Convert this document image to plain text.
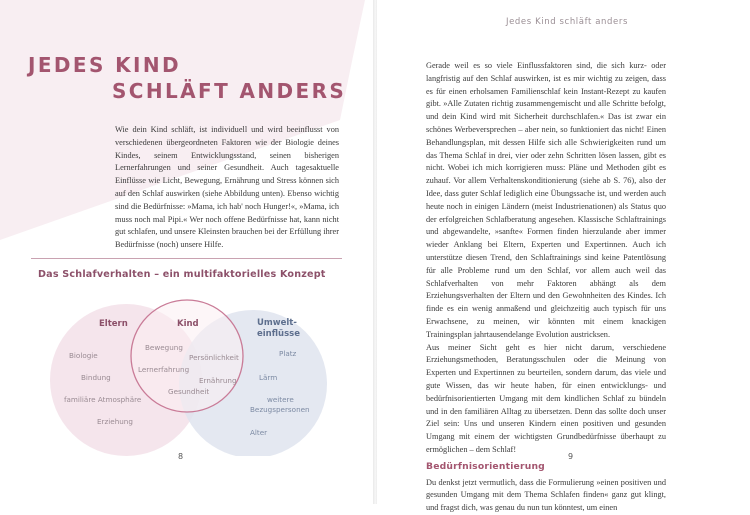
JEDES KIND
SCHLÄFT ANDERS
Wie dein Kind schläft, ist individuell und wird beeinflusst von verschiedenen übergeordneten Faktoren wie der Biologie deines Kindes, seinem Entwicklungsstand, seinen bisherigen Lernerfahrungen und seiner Gesundheit. Auch tagesaktuelle Einflüsse wie Licht, Bewegung, Ernährung und Stress können sich auf den Schlaf auswirken (siehe Abbildung unten). Ebenso wichtig sind die Bedürfnisse: »Mama, ich hab' noch Hunger!«, »Mama, ich muss noch mal Pipi.« Wer noch offene Bedürfnisse hat, kann nicht gut schlafen, und unsere Kleinsten brauchen bei der Erfüllung ihrer Bedürfnisse (noch) unsere Hilfe.
Das Schlafverhalten – ein multifaktorielles Konzept
Eltern	Kind	Umwelt-
einflüsse
Biologie
Bindung
familiäre Atmosphäre
Erziehung
Bewegung
Persönlichkeit
Lernerfahrung
Ernährung
Gesundheit
Platz
Lärm
weitere
Bezugspersonen
Alter
8	9
Jedes Kind schläft anders

Gerade weil es so viele Einflussfaktoren sind, die sich kurz- oder langfristig auf den Schlaf auswirken, ist es mir wichtig zu zeigen, dass es für einen erholsamen Familienschlaf kein Instant-Rezept zu kaufen gibt. »Alle Zutaten richtig zusammengemischt und alle Schritte befolgt, und dein Kind wird mit Sicherheit durchschlafen.« Das ist zwar ein schönes Werbeversprechen – aber nein, so funktioniert das nicht! Einen Behandlungsplan, mit dessen Hilfe sich alle Schwierigkeiten rund um das Thema Schlaf in drei, vier oder zehn Schritten lösen lassen, gibt es nicht. Wobei ich mich korrigieren muss: Pläne und Methoden gibt es zuhauf. Vor allem Verhaltenskonditionierung (siehe ab S. 76), also der Idee, dass guter Schlaf lediglich eine Übungssache ist, und werden auch heute noch in einigen Ländern (meist Industrienationen) als Status quo der erfolgreichen Schlafberatung angesehen. Klassische Schlaftrainings und abgewandelte, »sanfte« Formen finden hierzulande aber immer wieder Anklang bei Eltern, Experten und Expertinnen. Auch ich unterstütze diesen Trend, den Schlaftrainings sind keine Patentlösung für alle Probleme rund um den Schlaf, vor allem auch weil das Schlafverhalten von mehr Faktoren abhängt als dem Erziehungsverhalten der Eltern und den Gewohnheiten des Kindes. Ich finde es ein wenig anmaßend und gleichzeitig auch typisch für uns Erwachsene, zu meinen, wir könnten mit einem knackigen Trainingsplan jahrtausendelange Evolution austricksen.

Aus meiner Sicht geht es hier nicht darum, verschiedene Erziehungsmethoden, Beratungsschulen oder die Meinung von Experten und Expertinnen zu beurteilen, sondern darum, das viele und gute Wissen, das wir heute haben, für einen entwicklungs- und bedürfnisorientierten Umgang mit dem kindlichen Schlaf zu bündeln und in den familiären Alltag zu übersetzen. Denn das sollte doch unser Ziel sein: Uns und unseren Kindern einen positiven und gesunden Umgang mit einem der wichtigsten Grundbedürfnisse überhaupt zu ermöglichen – dem Schlaf!

Bedürfnisorientierung

Du denkst jetzt vermutlich, dass die Formulierung »einen positiven und gesunden Umgang mit dem Thema Schlafen finden« ganz gut klingt, und fragst dich, was genau du nun tun könntest, um einen
